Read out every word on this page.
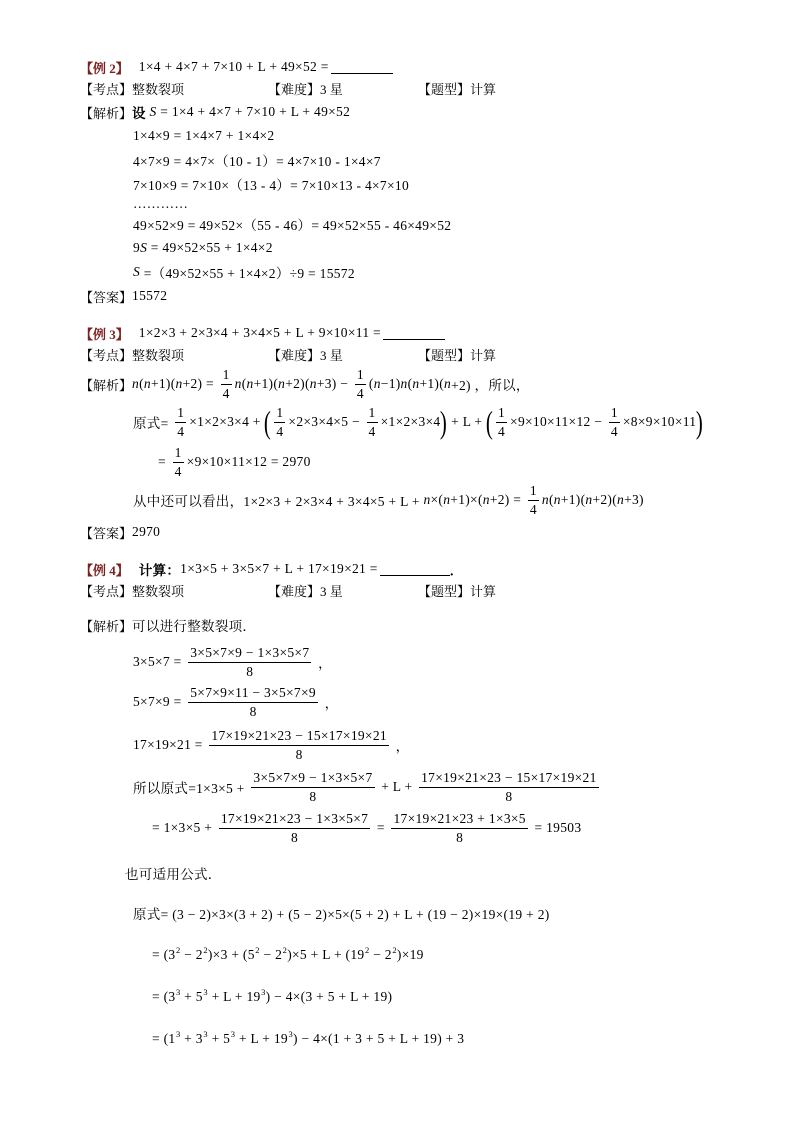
【例 2】 1×4 + 4×7 + 7×10 + L + 49×52 =
【考点】 整数裂项	【难度】 3 星	【题型】 计算
【解析】 设 S = 1×4 + 4×7 + 7×10 + L + 49×52
1×4×9 = 1×4×7 + 1×4×2
4×7×9 = 4×7×（10 - 1）= 4×7×10 - 1×4×7
7×10×9 = 7×10×（13 - 4）= 7×10×13 - 4×7×10
…………
49×52×9 = 49×52×（55 - 46）= 49×52×55 - 46×49×52
9 S = 49×52×55 + 1×4×2
S =（49×52×55 + 1×4×2）÷9 = 15572
【答案】 15572
【例 3】 1×2×3 + 2×3×4 + 3×4×5 + L + 9×10×11 =
【考点】 整数裂项	【难度】 3 星	【题型】 计算
【解析】 n ( n +1)( $n +2) = \frac{1}{4}$ n ( n +1)( n +2)( $n +3) - \frac{1}{4}$ ( n −1) n ( n +1)( n +2) ，所以，
原式= $\frac{1}{4} \times 1\times 2\times 3\times 4$ + ( $\frac{1}{4} \times 2\times 3\times 4\times 5 - \frac{1}{4} \times 1\times 2\times 3\times 4$ ) + L + ( $\frac{1}{4} \times 9\times 10\times 11\times 12 - \frac{1}{4} \times 8\times 9\times 10\times 11$ )
= $\frac{1}{4} \times 9\times 10\times 11\times 12 = 2970$
从中还可以看出，1×2×3 + 2×3×4 + 3×4×5 + L + n ×( n +1)×( $n +2) = \frac{1}{4}$ n ( n +1)( n +2)( n +3)
【答案】 2970
【例 4】 计算： 1×3×5 + 3×5×7 + L + 17×19×21 =	．
【考点】 整数裂项	【难度】 3 星	【题型】 计算
【解析】 可以进行整数裂项．
$3\times 5\times 7 = \frac{3\times 5\times 7\times 9 - 1\times 3\times 5\times 7}{8}$ ，
$5\times 7\times 9 = \frac{5\times 7\times 9\times 11 - 3\times 5\times 7\times 9}{8}$ ，
$17\times 19\times 21 = \frac{17\times 19\times 21\times 23 - 15\times 17\times 19\times 21}{8}$ ，
所以原式$=1\times 3\times 5 + \frac{3\times 5\times 7\times 9 - 1\times 3\times 5\times 7}{8} + L + \frac{17\times 19\times 21\times 23 - 15\times 17\times 19\times 21}{8}$
= $1\times 3\times 5 + \frac{17\times 19\times 21\times 23 - 1\times 3\times 5\times 7}{8} = \frac{17\times 19\times 21\times 23 + 1\times 3\times 5}{8} = 19503$
也可适用公式．
原式= (3 − 2)×3×(3 + 2) + (5 − 2)×5×(5 + 2) + L + (19 − 2)×19×(19 + 2)
= (3 2 − 2 2 )×3 + (5 2 − 2 2 )×5 + L + (19 2 − 2 2 )×19
= (3 3 + 5 3 + L + 19 3 ) − 4×(3 + 5 + L + 19)
= (1 3 + 3 3 + 5 3 + L + 19 3 ) − 4×(1 + 3 + 5 + L + 19) + 3
